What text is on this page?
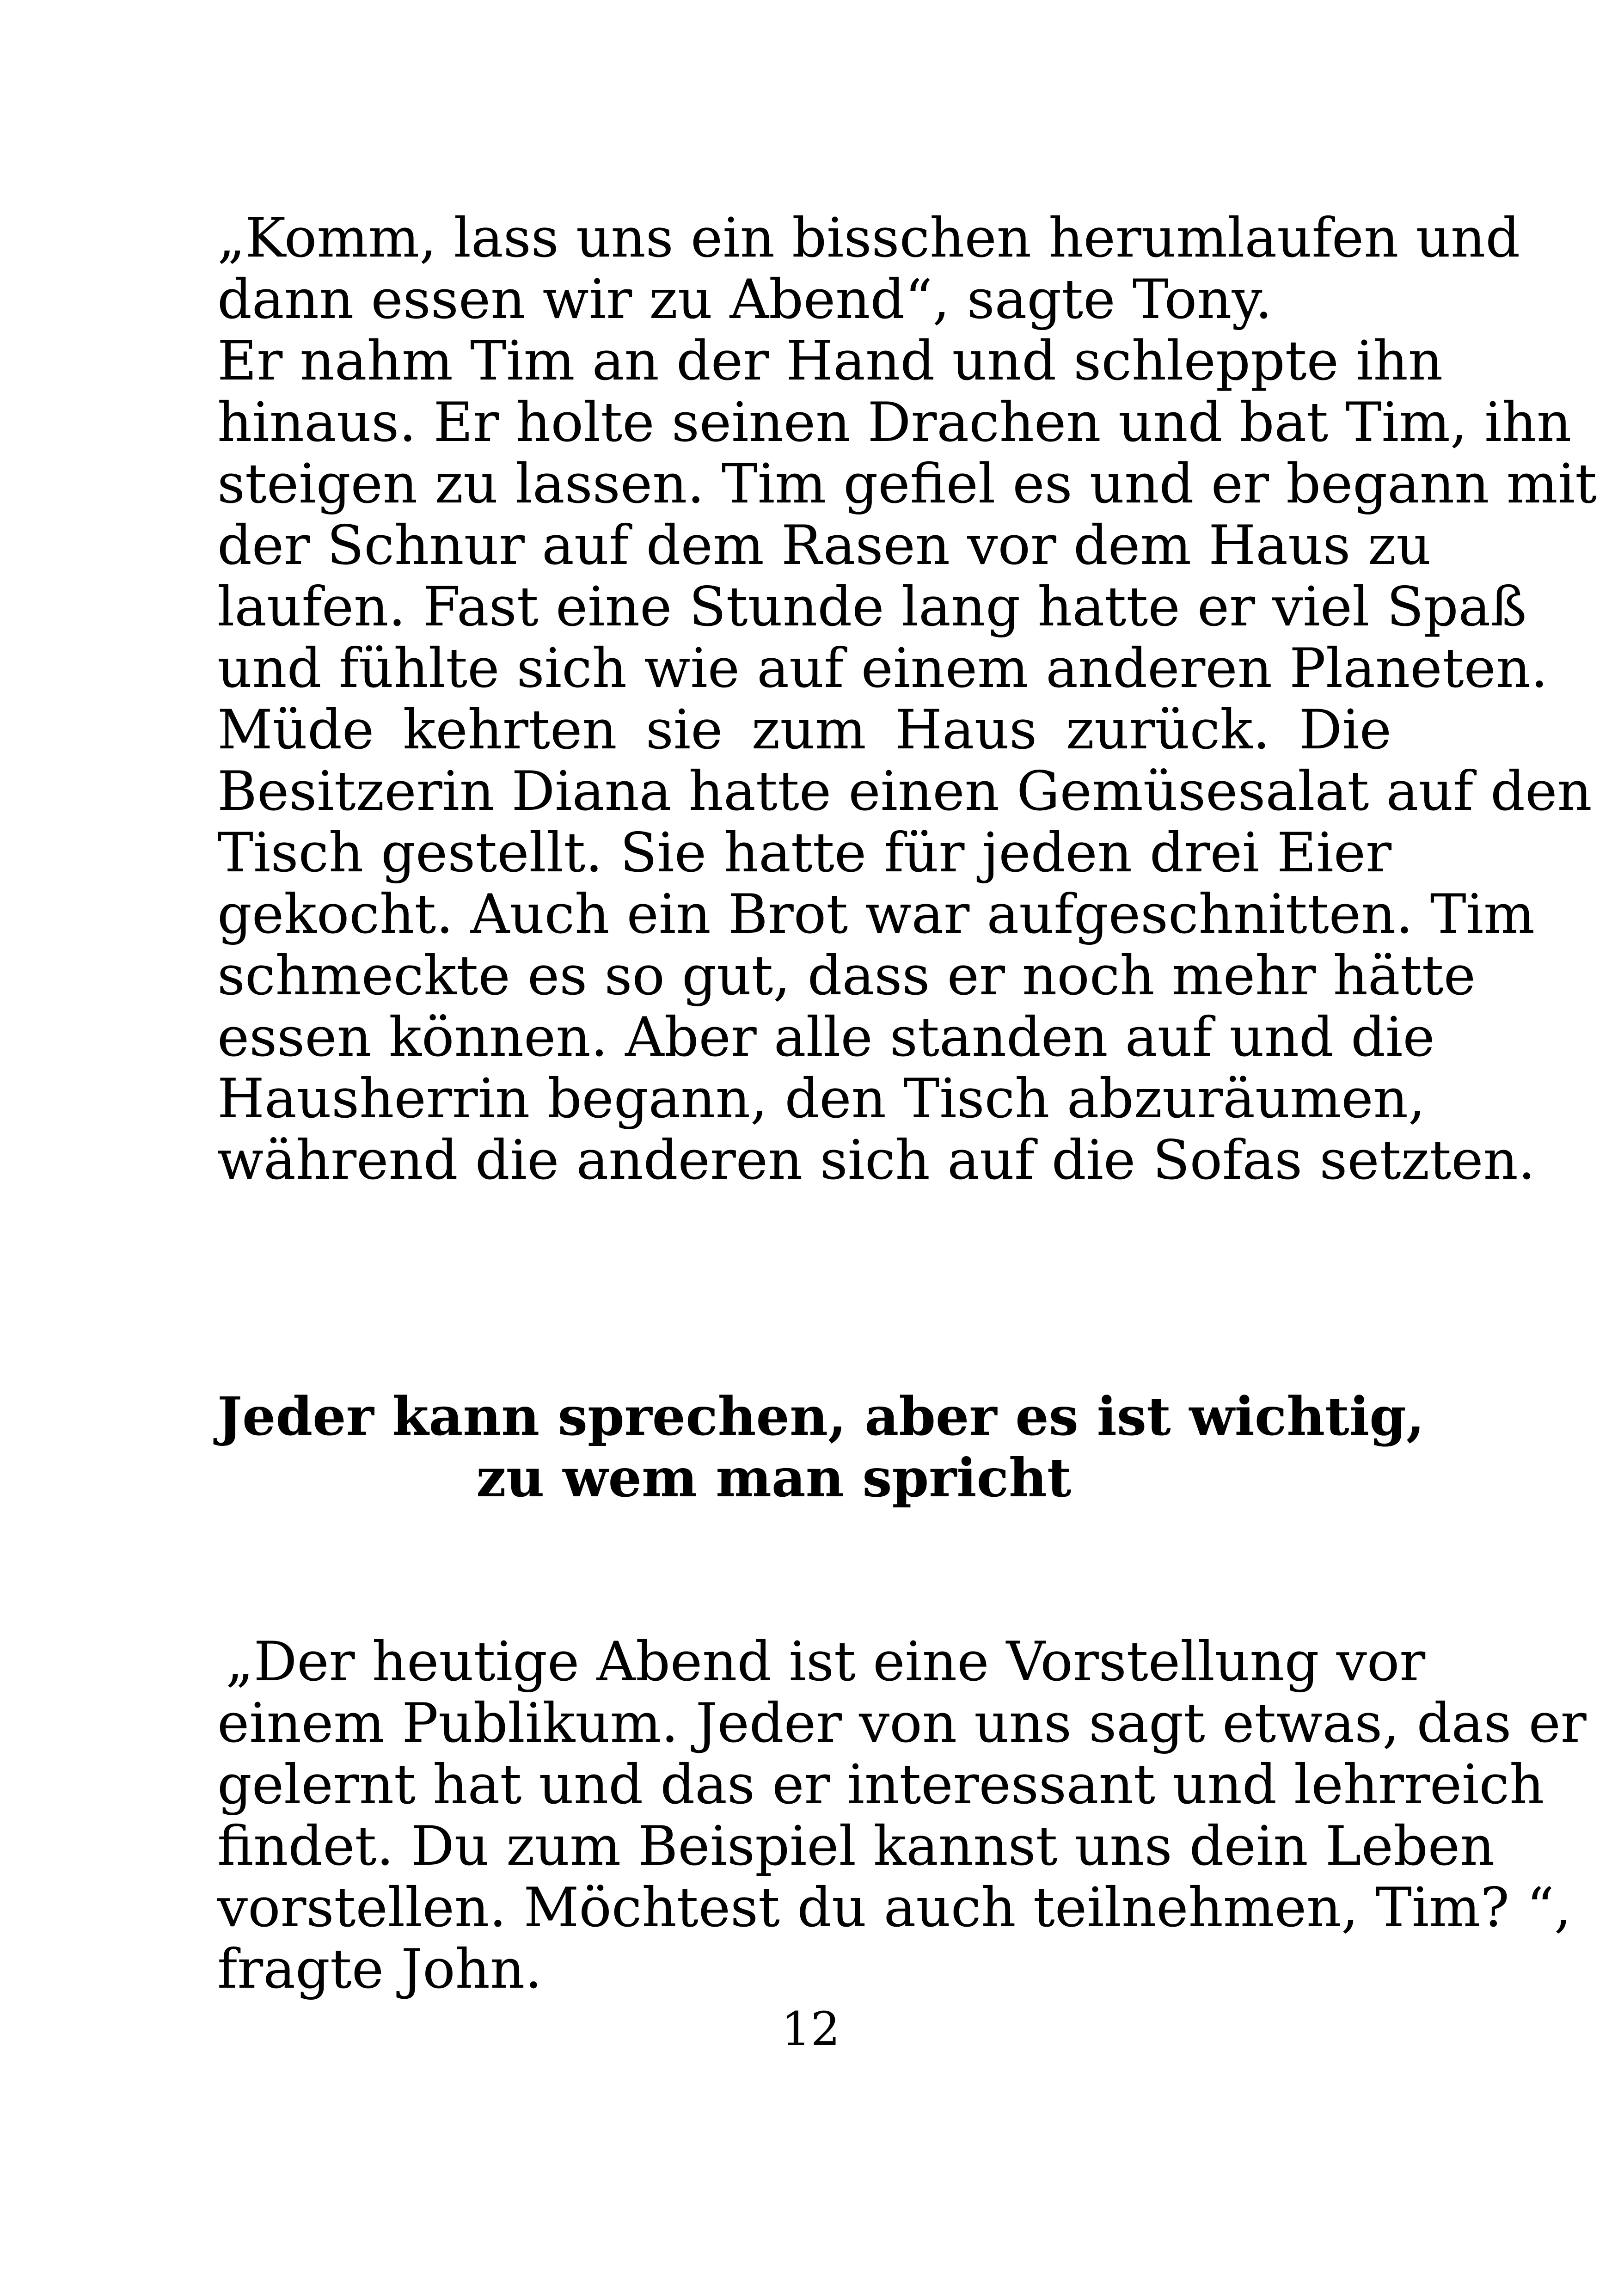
„Komm, lass uns ein bisschen herumlaufen und
dann essen wir zu Abend“, sagte Tony.
Er nahm Tim an der Hand und schleppte ihn
hinaus. Er holte seinen Drachen und bat Tim, ihn
steigen zu lassen. Tim gefiel es und er begann mit
der Schnur auf dem Rasen vor dem Haus zu
laufen. Fast eine Stunde lang hatte er viel Spaß
und fühlte sich wie auf einem anderen Planeten.
Müde kehrten sie zum Haus zurück. Die
Besitzerin Diana hatte einen Gemüsesalat auf den
Tisch gestellt. Sie hatte für jeden drei Eier
gekocht. Auch ein Brot war aufgeschnitten. Tim
schmeckte es so gut, dass er noch mehr hätte
essen können. Aber alle standen auf und die
Hausherrin begann, den Tisch abzuräumen,
während die anderen sich auf die Sofas setzten.
Jeder kann sprechen, aber es ist wichtig,
zu wem man spricht
„Der heutige Abend ist eine Vorstellung vor
einem Publikum. Jeder von uns sagt etwas, das er
gelernt hat und das er interessant und lehrreich
findet. Du zum Beispiel kannst uns dein Leben
vorstellen. Möchtest du auch teilnehmen, Tim? “,
fragte John.
12
